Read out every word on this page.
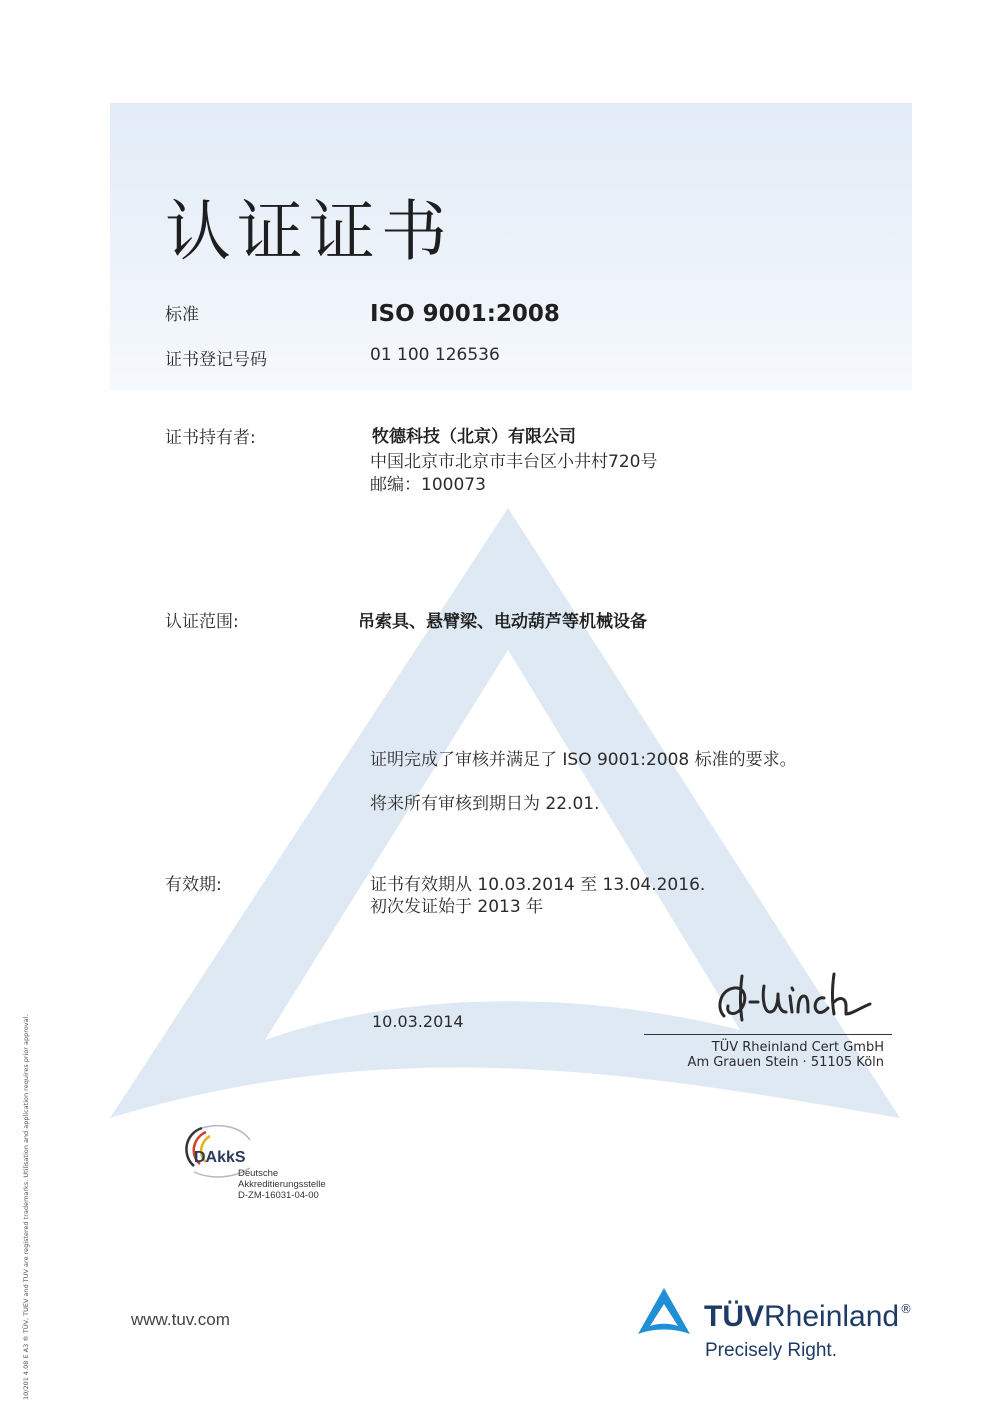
认证证书
标准	ISO 9001:2008
证书登记号码	01 100 126536
证书持有者:	牧德科技（北京）有限公司
中国北京市北京市丰台区小井村720号
邮编：100073
认证范围:	吊索具、悬臂梁、电动葫芦等机械设备
证明完成了审核并满足了 ISO 9001:2008 标准的要求。
将来所有审核到期日为 22.01.
有效期:	证书有效期从 10.03.2014 至 13.04.2016.
初次发证始于 2013 年
10.03.2014
TÜV Rheinland Cert GmbH
Am Grauen Stein · 51105 Köln
DAkkS
Deutsche
Akkreditierungsstelle
D-ZM-16031-04-00
www.tuv.com	TÜVRheinland ®
Precisely Right.
10/201 4.08 E A3 ® TÜV, TUEV and TUV are registered trademarks. Utilisation and application requires prior approval.
